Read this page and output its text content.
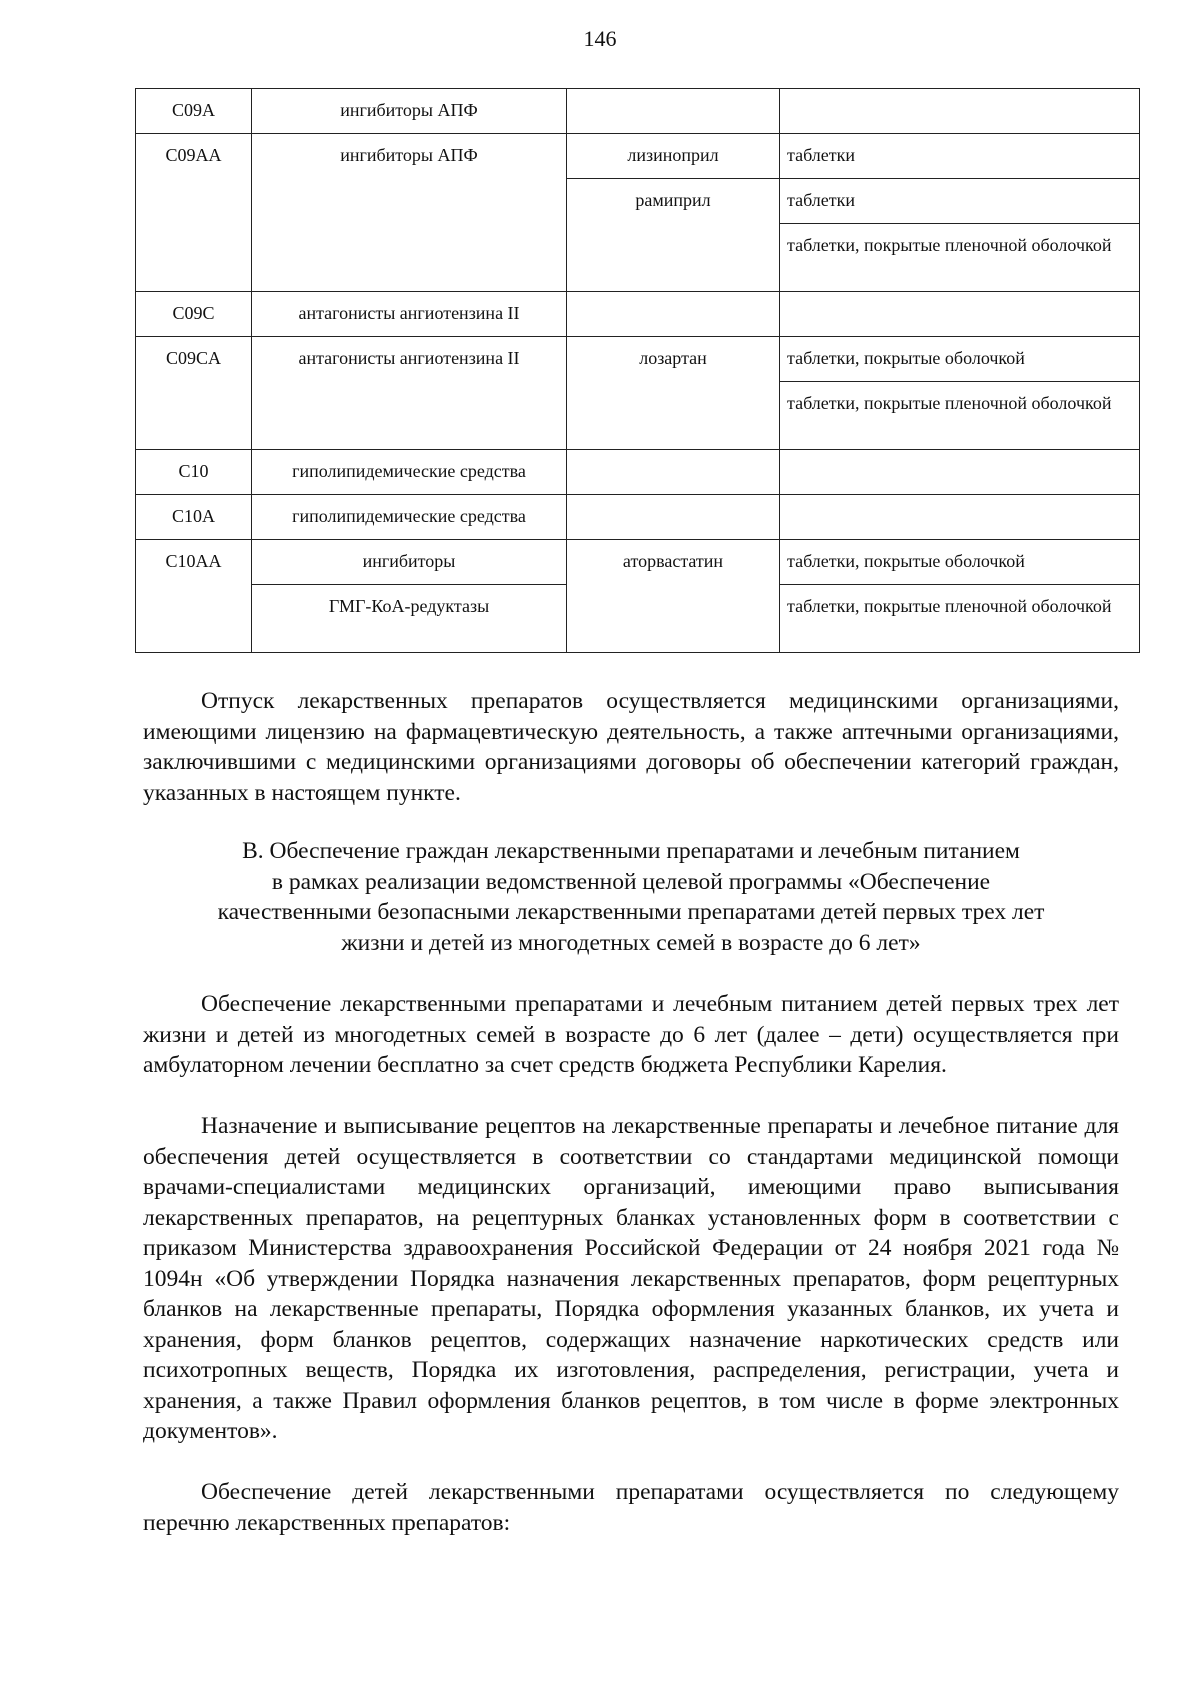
146
C09A	ингибиторы АПФ		

C09AA	ингибиторы АПФ	лизиноприл	таблетки

		рамиприл	таблетки

			таблетки, покрытые пленочной оболочкой

C09C	антагонисты ангиотензина II		

C09CA	антагонисты ангиотензина II	лозартан	таблетки, покрытые оболочкой

			таблетки, покрытые пленочной оболочкой

C10	гиполипидемические средства		

C10A	гиполипидемические средства		

C10AA	ингибиторы	аторвастатин	таблетки, покрытые оболочкой

	ГМГ-КоА-редуктазы		таблетки, покрытые пленочной оболочкой

Отпуск лекарственных препаратов осуществляется медицинскими организациями, имеющими лицензию на фармацевтическую деятельность, а также аптечными организациями, заключившими с медицинскими организациями договоры об обеспечении категорий граждан, указанных в настоящем пункте.

В. Обеспечение граждан лекарственными препаратами и лечебным питанием
в рамках реализации ведомственной целевой программы «Обеспечение
качественными безопасными лекарственными препаратами детей первых трех лет
жизни и детей из многодетных семей в возрасте до 6 лет»

Обеспечение лекарственными препаратами и лечебным питанием детей первых трех лет жизни и детей из многодетных семей в возрасте до 6 лет (далее – дети) осуществляется при амбулаторном лечении бесплатно за счет средств бюджета Республики Карелия.

Назначение и выписывание рецептов на лекарственные препараты и лечебное питание для обеспечения детей осуществляется в соответствии со стандартами медицинской помощи врачами-специалистами медицинских организаций, имеющими право выписывания лекарственных препаратов, на рецептурных бланках установленных форм в соответствии с приказом Министерства здравоохранения Российской Федерации от 24 ноября 2021 года № 1094н «Об утверждении Порядка назначения лекарственных препаратов, форм рецептурных бланков на лекарственные препараты, Порядка оформления указанных бланков, их учета и хранения, форм бланков рецептов, содержащих назначение наркотических средств или психотропных веществ, Порядка их изготовления, распределения, регистрации, учета и хранения, а также Правил оформления бланков рецептов, в том числе в форме электронных документов».

Обеспечение детей лекарственными препаратами осуществляется по следующему перечню лекарственных препаратов:
